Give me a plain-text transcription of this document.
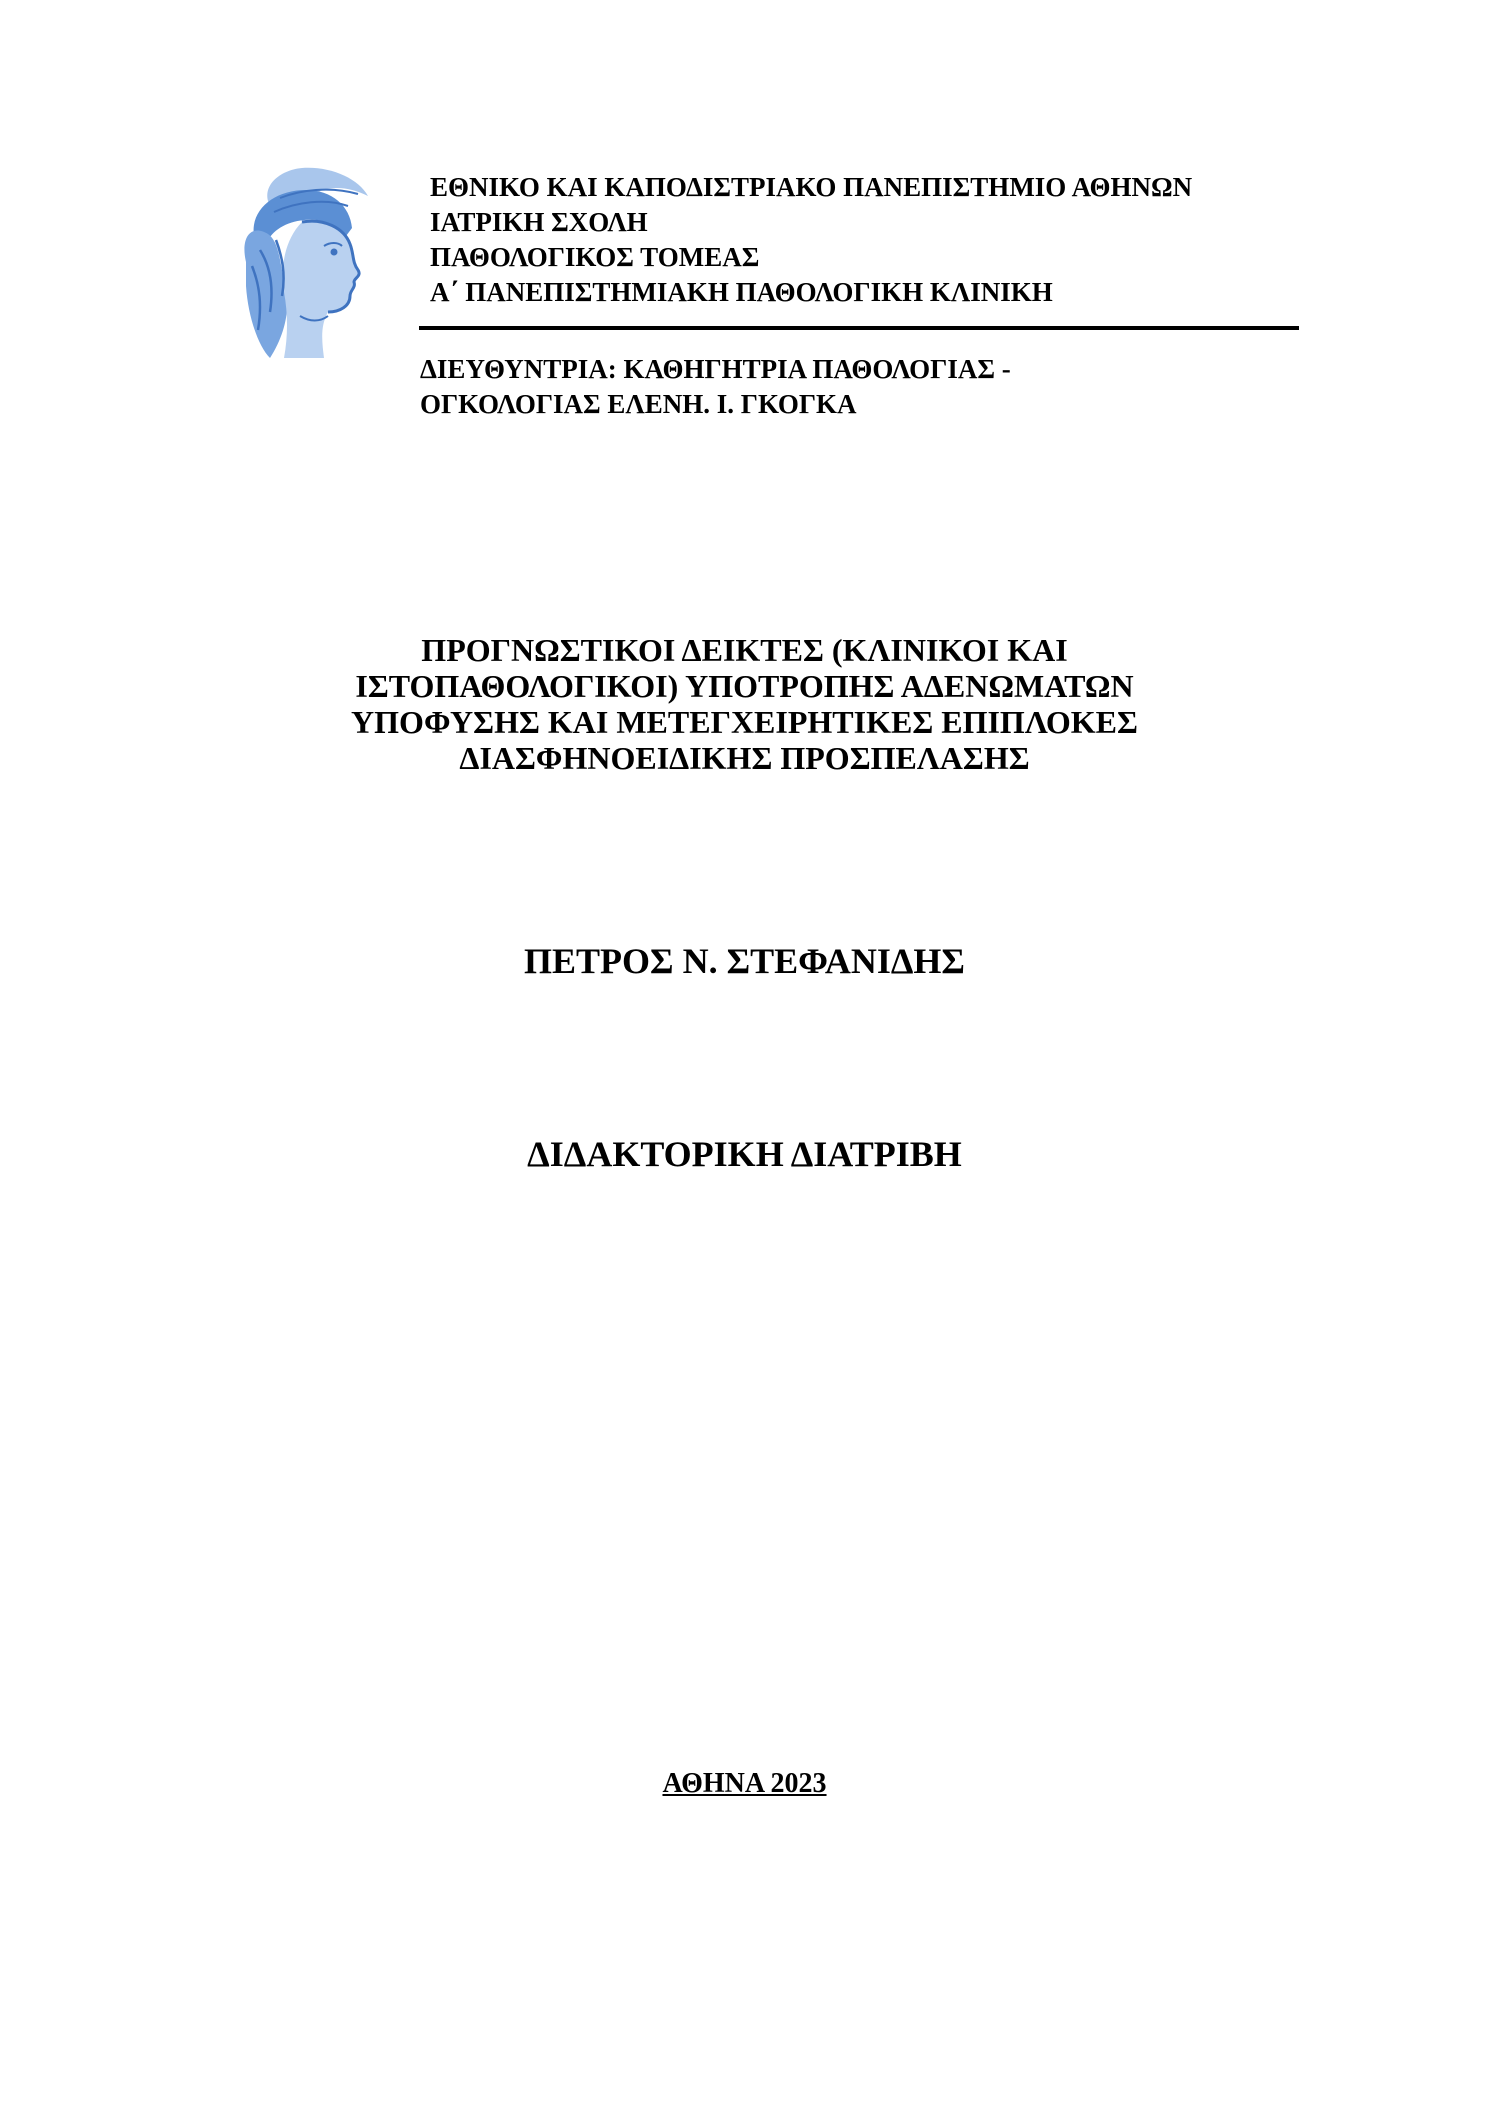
ΕΘΝΙΚΟ ΚΑΙ ΚΑΠΟΔΙΣΤΡΙΑΚΟ ΠΑΝΕΠΙΣΤΗΜΙΟ ΑΘΗΝΩΝ
ΙΑΤΡΙΚΗ ΣΧΟΛΗ
ΠΑΘΟΛΟΓΙΚΟΣ ΤΟΜΕΑΣ
Α΄ ΠΑΝΕΠΙΣΤΗΜΙΑΚΗ ΠΑΘΟΛΟΓΙΚΗ ΚΛΙΝΙΚΗ
ΔΙΕΥΘΥΝΤΡΙΑ: ΚΑΘΗΓΗΤΡΙΑ ΠΑΘΟΛΟΓΙΑΣ -
ΟΓΚΟΛΟΓΙΑΣ ΕΛΕΝΗ. Ι. ΓΚΟΓΚΑ
ΠΡΟΓΝΩΣΤΙΚΟΙ ΔΕΙΚΤΕΣ (ΚΛΙΝΙΚΟΙ ΚΑΙ
ΙΣΤΟΠΑΘΟΛΟΓΙΚΟΙ) ΥΠΟΤΡΟΠΗΣ ΑΔΕΝΩΜΑΤΩΝ
ΥΠΟΦΥΣΗΣ ΚΑΙ ΜΕΤΕΓΧΕΙΡΗΤΙΚΕΣ ΕΠΙΠΛΟΚΕΣ
ΔΙΑΣΦΗΝΟΕΙΔΙΚΗΣ ΠΡΟΣΠΕΛΑΣΗΣ
ΠΕΤΡΟΣ Ν. ΣΤΕΦΑΝΙΔΗΣ
ΔΙΔΑΚΤΟΡΙΚΗ ΔΙΑΤΡΙΒΗ
ΑΘΗΝΑ 2023
